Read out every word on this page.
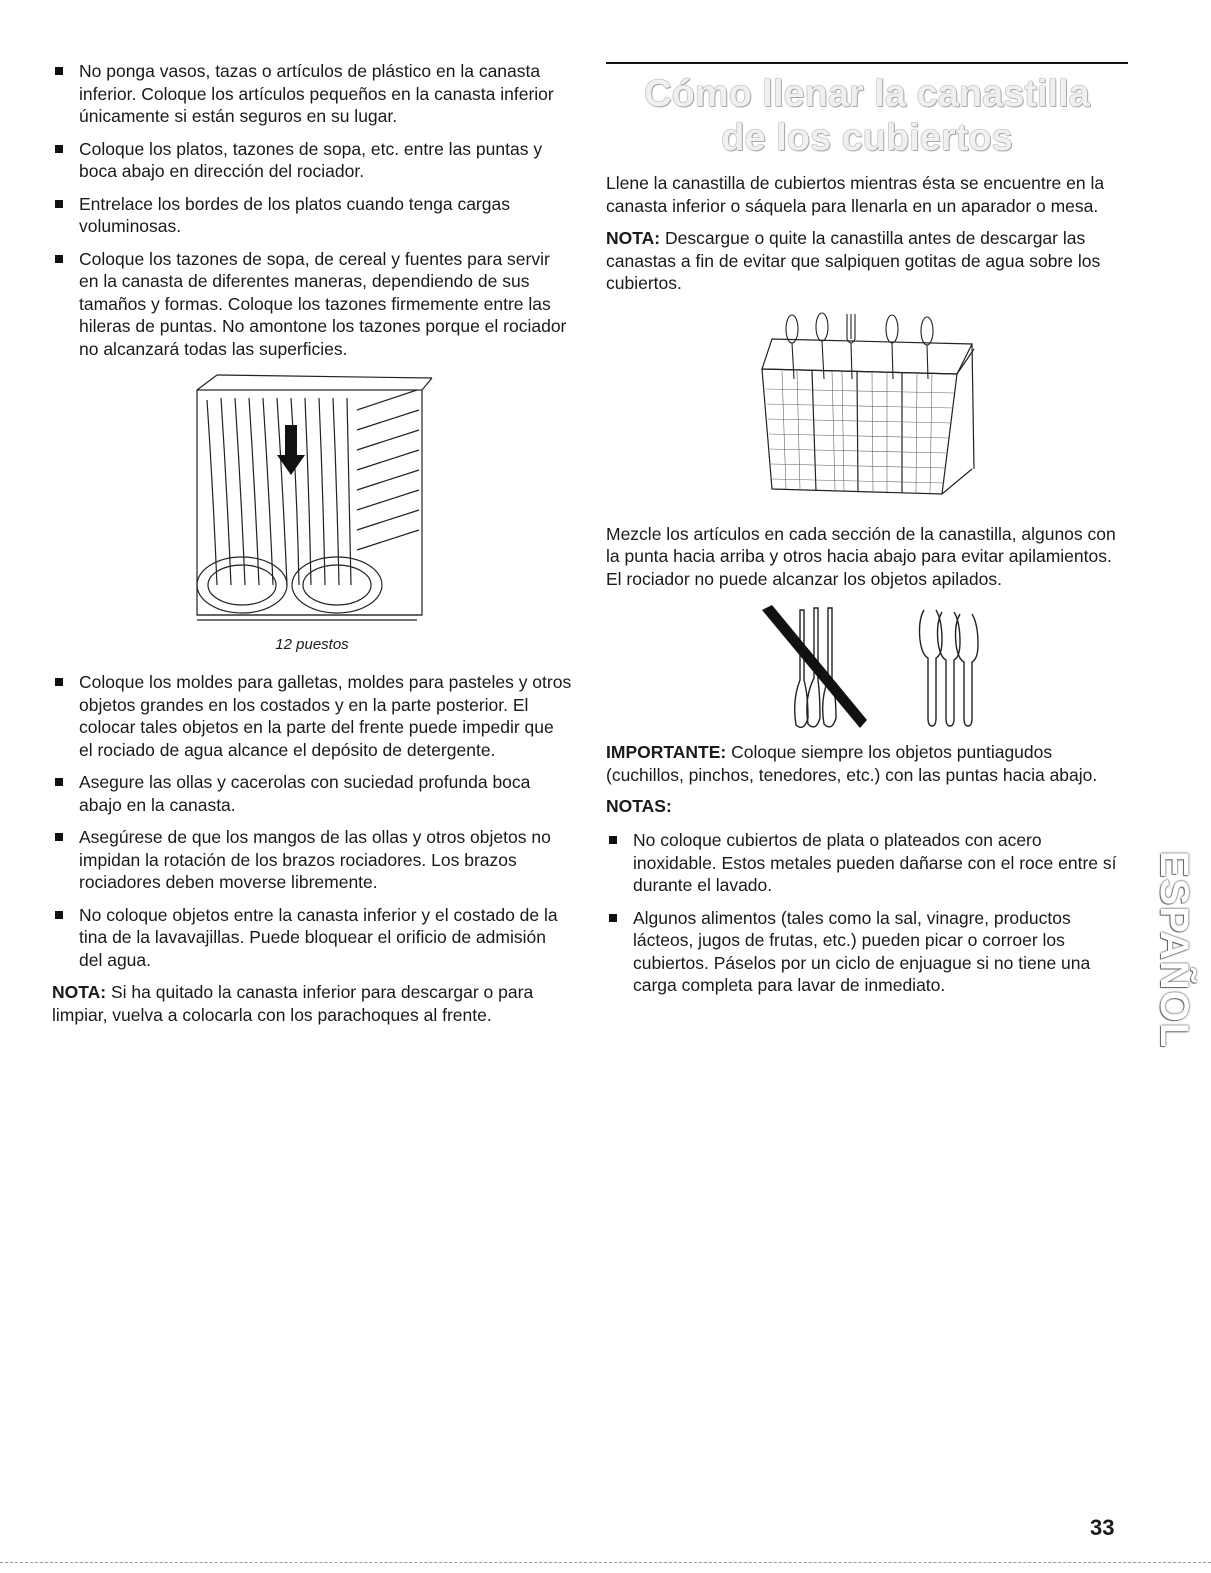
No ponga vasos, tazas o artículos de plástico en la canasta inferior. Coloque los artículos pequeños en la canasta inferior únicamente si están seguros en su lugar.
Coloque los platos, tazones de sopa, etc. entre las puntas y boca abajo en dirección del rociador.
Entrelace los bordes de los platos cuando tenga cargas voluminosas.
Coloque los tazones de sopa, de cereal y fuentes para servir en la canasta de diferentes maneras, dependiendo de sus tamaños y formas. Coloque los tazones firmemente entre las hileras de puntas. No amontone los tazones porque el rociador no alcanzará todas las superficies.
12 puestos
Coloque los moldes para galletas, moldes para pasteles y otros objetos grandes en los costados y en la parte posterior. El colocar tales objetos en la parte del frente puede impedir que el rociado de agua alcance el depósito de detergente.
Asegure las ollas y cacerolas con suciedad profunda boca abajo en la canasta.
Asegúrese de que los mangos de las ollas y otros objetos no impidan la rotación de los brazos rociadores. Los brazos rociadores deben moverse libremente.
No coloque objetos entre la canasta inferior y el costado de la tina de la lavavajillas. Puede bloquear el orificio de admisión del agua.

NOTA: Si ha quitado la canasta inferior para descargar o para limpiar, vuelva a colocarla con los parachoques al frente.

Cómo llenar la canastilla
de los cubiertos

Llene la canastilla de cubiertos mientras ésta se encuentre en la canasta inferior o sáquela para llenarla en un aparador o mesa.

NOTA: Descargue o quite la canastilla antes de descargar las canastas a fin de evitar que salpiquen gotitas de agua sobre los cubiertos.

Mezcle los artículos en cada sección de la canastilla, algunos con la punta hacia arriba y otros hacia abajo para evitar apilamientos. El rociador no puede alcanzar los objetos apilados.

IMPORTANTE: Coloque siempre los objetos puntiagudos (cuchillos, pinchos, tenedores, etc.) con las puntas hacia abajo.

NOTAS:
No coloque cubiertos de plata o plateados con acero inoxidable. Estos metales pueden dañarse con el roce entre sí durante el lavado.
Algunos alimentos (tales como la sal, vinagre, productos lácteos, jugos de frutas, etc.) pueden picar o corroer los cubiertos. Páselos por un ciclo de enjuague si no tiene una carga completa para lavar de inmediato.	ESPAÑOL
33
